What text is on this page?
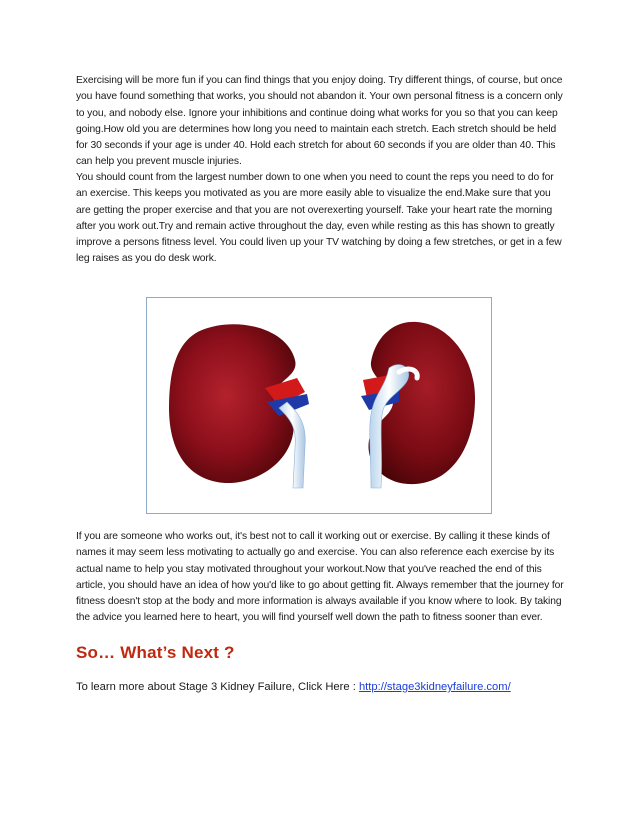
Exercising will be more fun if you can find things that you enjoy doing. Try different things, of course, but once you have found something that works, you should not abandon it. Your own personal fitness is a concern only to you, and nobody else. Ignore your inhibitions and continue doing what works for you so that you can keep going.How old you are determines how long you need to maintain each stretch. Each stretch should be held for 30 seconds if your age is under 40. Hold each stretch for about 60 seconds if you are older than 40. This can help you prevent muscle injuries.

You should count from the largest number down to one when you need to count the reps you need to do for an exercise. This keeps you motivated as you are more easily able to visualize the end.Make sure that you are getting the proper exercise and that you are not overexerting yourself. Take your heart rate the morning after you work out.Try and remain active throughout the day, even while resting as this has shown to greatly improve a persons fitness level. You could liven up your TV watching by doing a few stretches, or get in a few leg raises as you do desk work.

If you are someone who works out, it's best not to call it working out or exercise. By calling it these kinds of names it may seem less motivating to actually go and exercise. You can also reference each exercise by its actual name to help you stay motivated throughout your workout.Now that you've reached the end of this article, you should have an idea of how you'd like to go about getting fit. Always remember that the journey for fitness doesn't stop at the body and more information is always available if you know where to look. By taking the advice you learned here to heart, you will find yourself well down the path to fitness sooner than ever.

So… What’s Next ?

To learn more about Stage 3 Kidney Failure, Click Here : http://stage3kidneyfailure.com/
